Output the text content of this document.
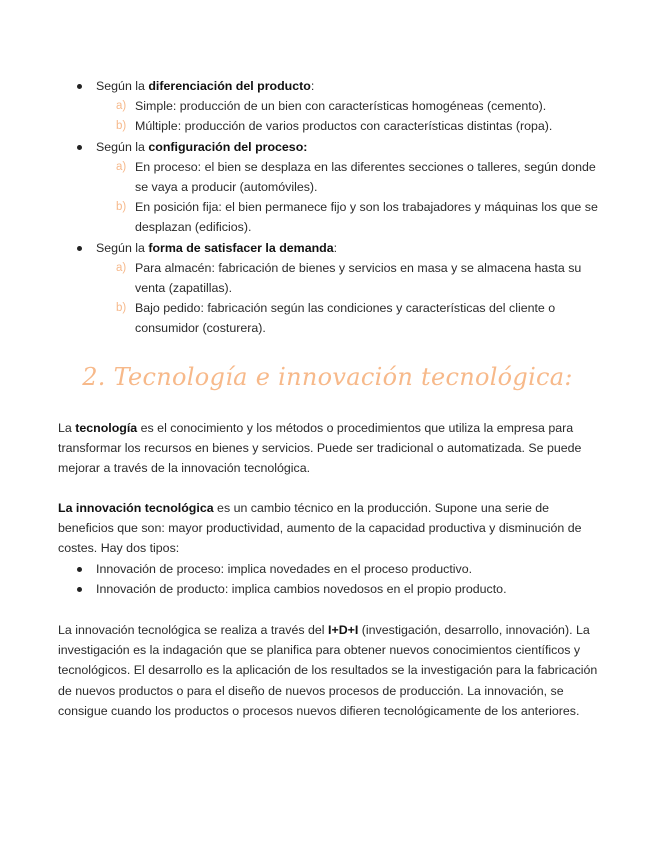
Según la diferenciación del producto:
a) Simple: producción de un bien con características homogéneas (cemento).
b) Múltiple: producción de varios productos con características distintas (ropa).
Según la configuración del proceso:
a) En proceso: el bien se desplaza en las diferentes secciones o talleres, según donde se vaya a producir (automóviles).
b) En posición fija: el bien permanece fijo y son los trabajadores y máquinas los que se desplazan (edificios).
Según la forma de satisfacer la demanda:
a) Para almacén: fabricación de bienes y servicios en masa y se almacena hasta su venta (zapatillas).
b) Bajo pedido: fabricación según las condiciones y características del cliente o consumidor (costurera).
2. Tecnología e innovación tecnológica:

La tecnología es el conocimiento y los métodos o procedimientos que utiliza la empresa para transformar los recursos en bienes y servicios. Puede ser tradicional o automatizada. Se puede mejorar a través de la innovación tecnológica.

La innovación tecnológica es un cambio técnico en la producción. Supone una serie de beneficios que son: mayor productividad, aumento de la capacidad productiva y disminución de costes. Hay dos tipos:

Innovación de proceso: implica novedades en el proceso productivo.
Innovación de producto: implica cambios novedosos en el propio producto.

La innovación tecnológica se realiza a través del I+D+I (investigación, desarrollo, innovación). La investigación es la indagación que se planifica para obtener nuevos conocimientos científicos y tecnológicos. El desarrollo es la aplicación de los resultados se la investigación para la fabricación de nuevos productos o para el diseño de nuevos procesos de producción. La innovación, se consigue cuando los productos o procesos nuevos difieren tecnológicamente de los anteriores.
